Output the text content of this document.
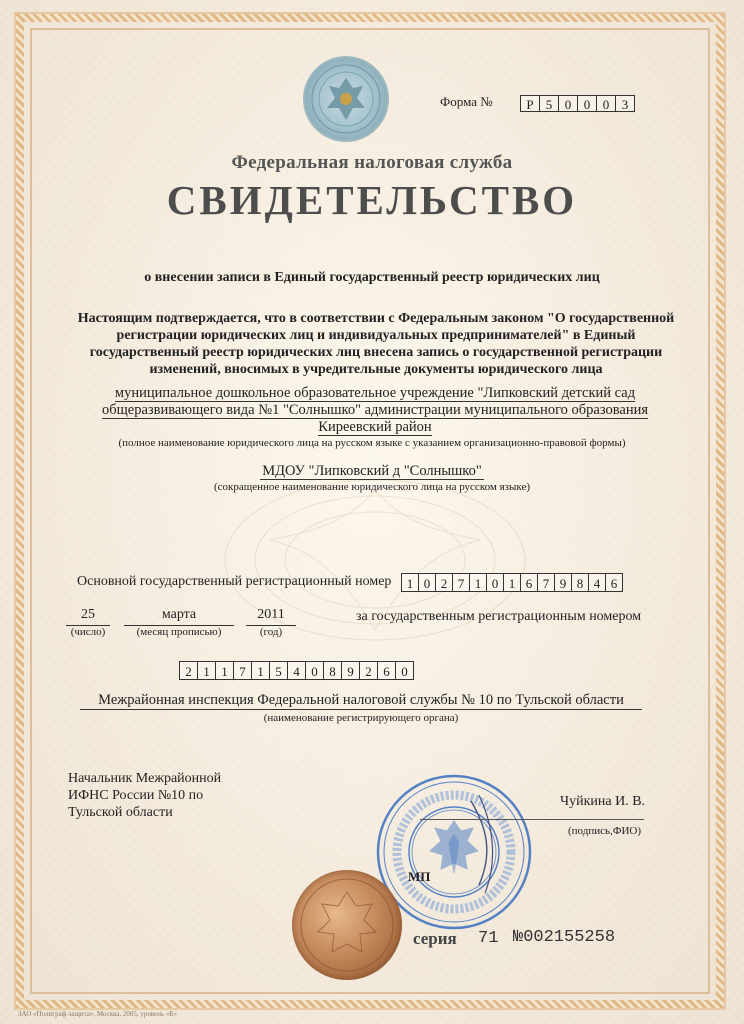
Форма №	Р 5 0 0 0 3
Федеральная налоговая служба
СВИДЕТЕЛЬСТВО
о внесении записи в Единый государственный реестр юридических лиц
Настоящим подтверждается, что в соответствии с Федеральным законом "О государственной регистрации юридических лиц и индивидуальных предпринимателей" в Единый государственный реестр юридических лиц внесена запись о государственной регистрации изменений, вносимых в учредительные документы юридического лица
муниципальное дошкольное образовательное учреждение "Липковский детский сад
общеразвивающего вида №1 "Солнышко" администрации муниципального образования
Киреевский район
(полное наименование юридического лица на русском языке с указанием организационно-правовой формы)
МДОУ "Липковский д "Солнышко"
(сокращенное наименование юридического лица на русском языке)
Основной государственный регистрационный номер	1 0 2 7 1 0 1 6 7 9 8 4 6
25
(число)
марта
(месяц прописью)
2011
(год)
за государственным регистрационным номером
2 1 1 7 1 5 4 0 8 9 2 6 0
Межрайонная инспекция Федеральной налоговой службы № 10 по Тульской области
(наименование регистрирующего органа)
Начальник Межрайонной
ИФНС России №10 по
Тульской области
Чуйкина И. В.
(подпись,ФИО)
МП
серия 71 №002155258
ЗАО «Полиграф-защита», Москва, 2005, уровень «Б»
